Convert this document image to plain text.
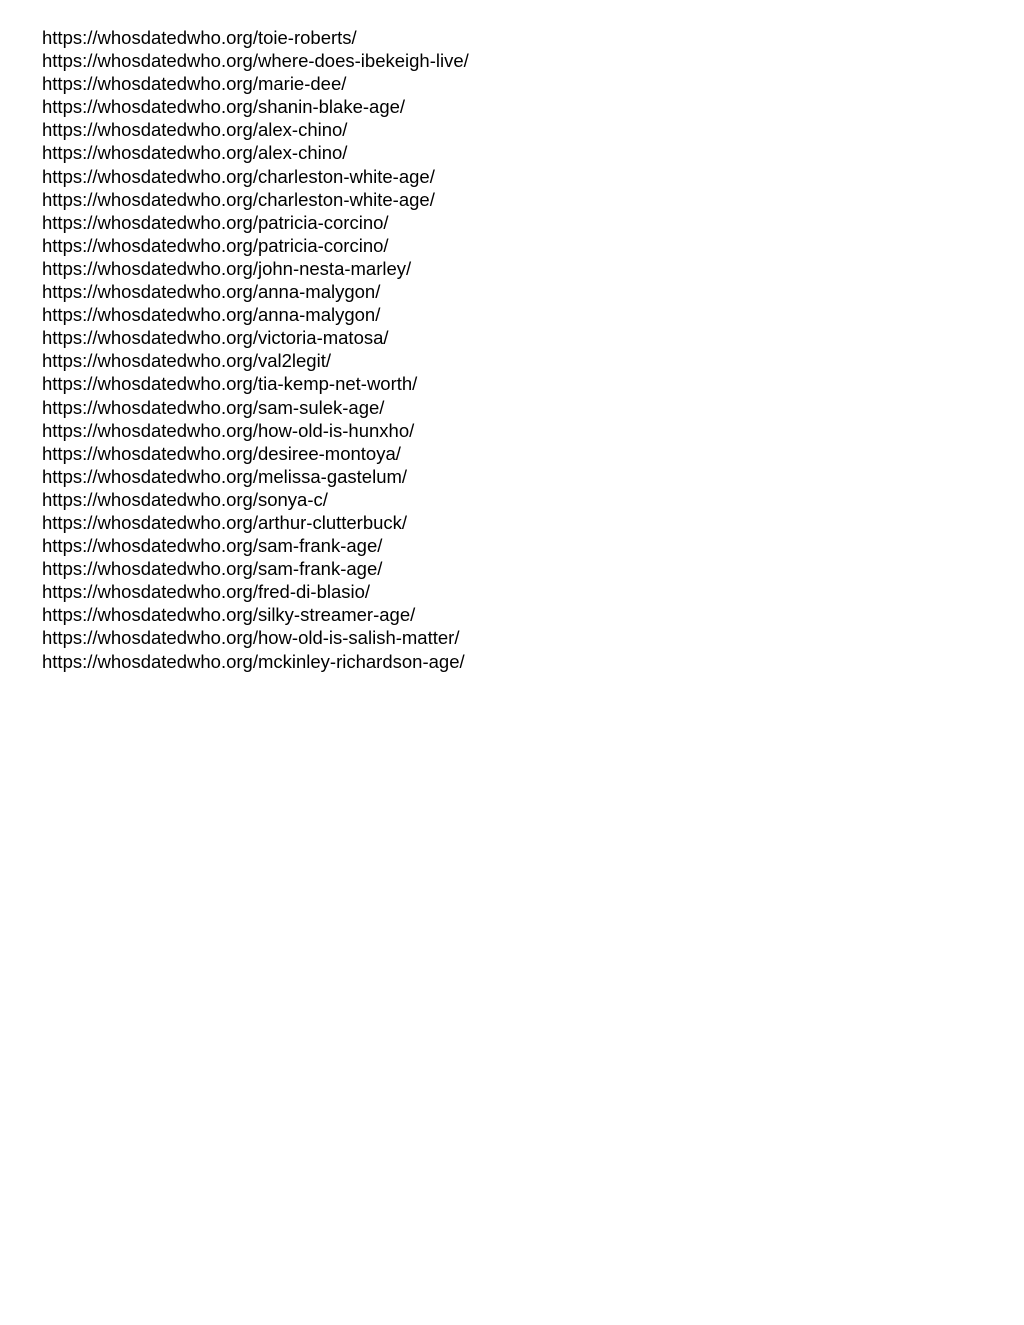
https://whosdatedwho.org/toie-roberts/
https://whosdatedwho.org/where-does-ibekeigh-live/
https://whosdatedwho.org/marie-dee/
https://whosdatedwho.org/shanin-blake-age/
https://whosdatedwho.org/alex-chino/
https://whosdatedwho.org/alex-chino/
https://whosdatedwho.org/charleston-white-age/
https://whosdatedwho.org/charleston-white-age/
https://whosdatedwho.org/patricia-corcino/
https://whosdatedwho.org/patricia-corcino/
https://whosdatedwho.org/john-nesta-marley/
https://whosdatedwho.org/anna-malygon/
https://whosdatedwho.org/anna-malygon/
https://whosdatedwho.org/victoria-matosa/
https://whosdatedwho.org/val2legit/
https://whosdatedwho.org/tia-kemp-net-worth/
https://whosdatedwho.org/sam-sulek-age/
https://whosdatedwho.org/how-old-is-hunxho/
https://whosdatedwho.org/desiree-montoya/
https://whosdatedwho.org/melissa-gastelum/
https://whosdatedwho.org/sonya-c/
https://whosdatedwho.org/arthur-clutterbuck/
https://whosdatedwho.org/sam-frank-age/
https://whosdatedwho.org/sam-frank-age/
https://whosdatedwho.org/fred-di-blasio/
https://whosdatedwho.org/silky-streamer-age/
https://whosdatedwho.org/how-old-is-salish-matter/
https://whosdatedwho.org/mckinley-richardson-age/
